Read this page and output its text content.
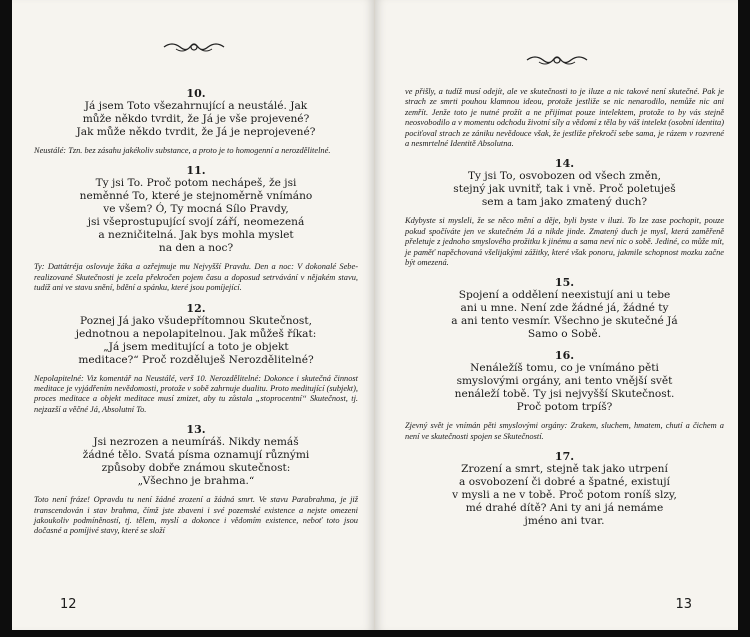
10.
Já jsem Toto všezahrnující a neustálé. Jak
může někdo tvrdit, že Já je vše projevené?
Jak může někdo tvrdit, že Já je neprojevené?
Neustálé: Tzn. bez zásahu jakékoliv substance, a proto je to homogenní a nerozdělitelné.
11.
Ty jsi To. Proč potom nechápeš, že jsi
neměnné To, které je stejnoměrně vnímáno
ve všem? Ó, Ty mocná Sílo Pravdy,
jsi všeprostupující svojí září, neomezená
a nezničitelná. Jak bys mohla myslet
na den a noc?
Ty: Dattátréja oslovuje žáka a ozřejmuje mu Nejvyšší Pravdu. Den a noc: V dokonalé Sebe-realizované Skutečnosti je zcela překročen pojem času a doposud setrvávání v nějakém stavu, tudíž ani ve stavu snění, bdění a spánku, které jsou pomíjející.
12.
Poznej Já jako všudepřítomnou Skutečnost,
jednotnou a nepolapitelnou. Jak můžeš říkat:
„Já jsem meditující a toto je objekt
meditace?“ Proč rozděluješ Nerozdělitelné?
Nepolapitelné: Viz komentář na Neustálé, verš 10. Nerozdělitelné: Dokonce i skutečná činnost meditace je vyjádřením nevědomosti, protože v sobě zahrnuje dualitu. Proto meditující (subjekt), proces meditace a objekt meditace musí zmizet, aby tu zůstala „stoprocentní“ Skutečnost, tj. nejzazší a věčné Já, Absolutní To.
13.
Jsi nezrozen a neumíráš. Nikdy nemáš
žádné tělo. Svatá písma oznamují různými
způsoby dobře známou skutečnost:
„Všechno je brahma.“
Toto není fráze! Opravdu tu není žádné zrození a žádná smrt. Ve stavu Parabrahma, je již transcendován i stav brahma, čímž jste zbaveni i své pozemské existence a nejste omezeni jakoukoliv podmíněností, tj. tělem, myslí a dokonce i vědomím existence, neboť toto jsou dočasné a pomíjivé stavy, které se složí
12
ve přišly, a tudíž musí odejít, ale ve skutečnosti to je iluze a nic takové není skutečné. Pak je strach ze smrti pouhou klamnou ideou, protože jestliže se nic nenarodilo, nemůže nic ani zemřít. Jenže toto je nutné prožít a ne přijímat pouze intelektem, protože to by vás stejně neosvobodilo a v momentu odchodu životní síly a vědomí z těla by váš intelekt (osobní identita) pociťoval strach ze zániku nevědouce však, že jestliže překročí sebe sama, je rázem v rozvrené a nesmrtelné Identitě Absolutna.
14.
Ty jsi To, osvobozen od všech změn,
stejný jak uvnitř, tak i vně. Proč poletuješ
sem a tam jako zmatený duch?
Kdybyste si mysleli, že se něco mění a děje, byli byste v iluzi. To lze zase pochopit, pouze pokud spočíváte jen ve skutečném Já a nikde jinde. Zmatený duch je mysl, která zaměřeně přeletuje z jednoho smyslového prožitku k jinému a sama neví nic o sobě. Jediné, co může mít, je paměť napěchovaná všelijakými zážitky, které však ponoru, jakmile schopnost mozku začne být omezená.
15.
Spojení a oddělení neexistují ani u tebe
ani u mne. Není zde žádné já, žádné ty
a ani tento vesmír. Všechno je skutečné Já
Samo o Sobě.
16.
Nenáležíš tomu, co je vnímáno pěti
smyslovými orgány, ani tento vnější svět
nenáleží tobě. Ty jsi nejvyšší Skutečnost.
Proč potom trpíš?
Zjevný svět je vnímán pěti smyslovými orgány: Zrakem, sluchem, hmatem, chutí a čichem a není ve skutečnosti spojen se Skutečností.
17.
Zrození a smrt, stejně tak jako utrpení
a osvobození či dobré a špatné, existují
v mysli a ne v tobě. Proč potom roníš slzy,
mé drahé dítě? Ani ty ani já nemáme
jméno ani tvar.
13
